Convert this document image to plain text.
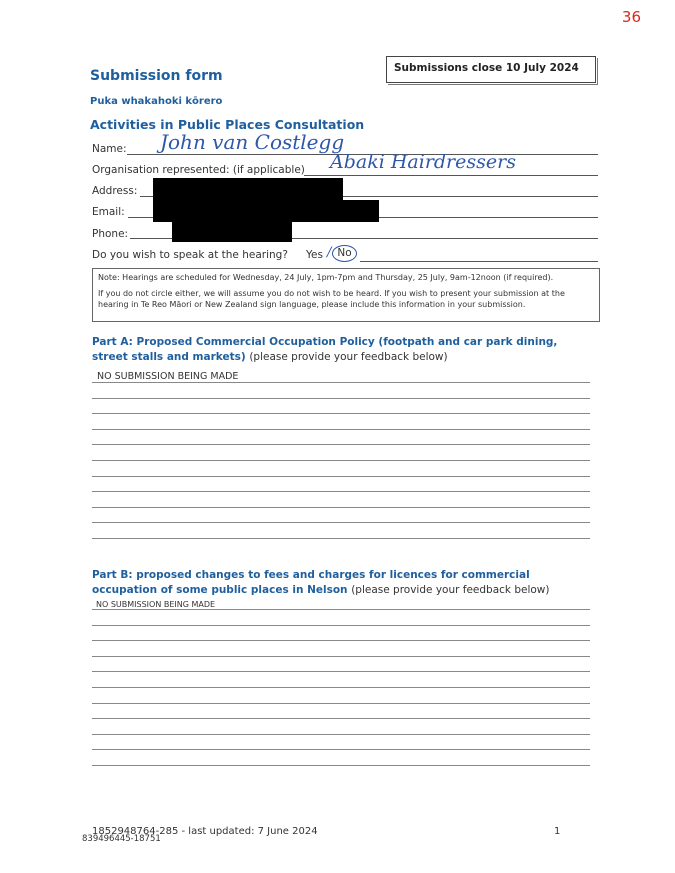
36
Submissions close 10 July 2024
Submission form
Puka whakahoki kōrero
Activities in Public Places Consultation
Name: John van Costlegg
Organisation represented: (if applicable) Abaki Hairdressers
Address:
Email:
Phone:
Do you wish to speak at the hearing? Yes / No

Note: Hearings are scheduled for Wednesday, 24 July, 1pm-7pm and Thursday, 25 July, 9am-12noon (if required).

If you do not circle either, we will assume you do not wish to be heard. If you wish to present your submission at the hearing in Te Reo Māori or New Zealand sign language, please include this information in your submission.

Part A: Proposed Commercial Occupation Policy (footpath and car park dining, street stalls and markets) (please provide your feedback below)
NO SUBMISSION BEING MADE
Part B: proposed changes to fees and charges for licences for commercial occupation of some public places in Nelson (please provide your feedback below)
NO SUBMISSION BEING MADE
1852948764-285 - last updated: 7 June 2024
839496445-18751
1
